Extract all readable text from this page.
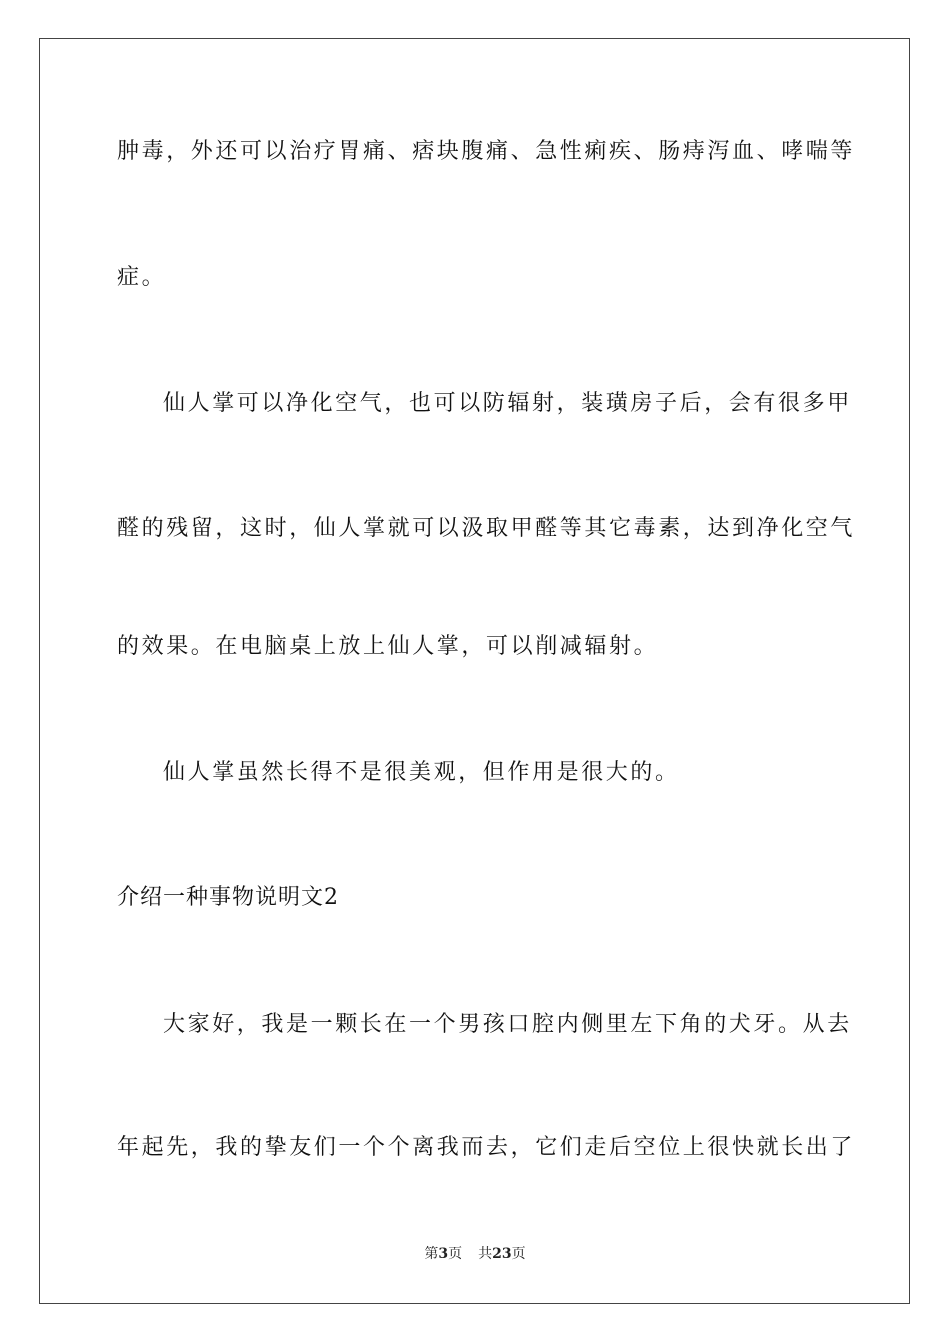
肿毒，外还可以治疗胃痛、痞块腹痛、急性痢疾、肠痔泻血、哮喘等
症。
仙人掌可以净化空气，也可以防辐射，装璜房子后，会有很多甲
醛的残留，这时，仙人掌就可以汲取甲醛等其它毒素，达到净化空气
的效果。在电脑桌上放上仙人掌，可以削减辐射。
仙人掌虽然长得不是很美观，但作用是很大的。
介绍一种事物说明文2
大家好，我是一颗长在一个男孩口腔内侧里左下角的犬牙。从去
年起先，我的挚友们一个个离我而去，它们走后空位上很快就长出了
第3页 共23页
